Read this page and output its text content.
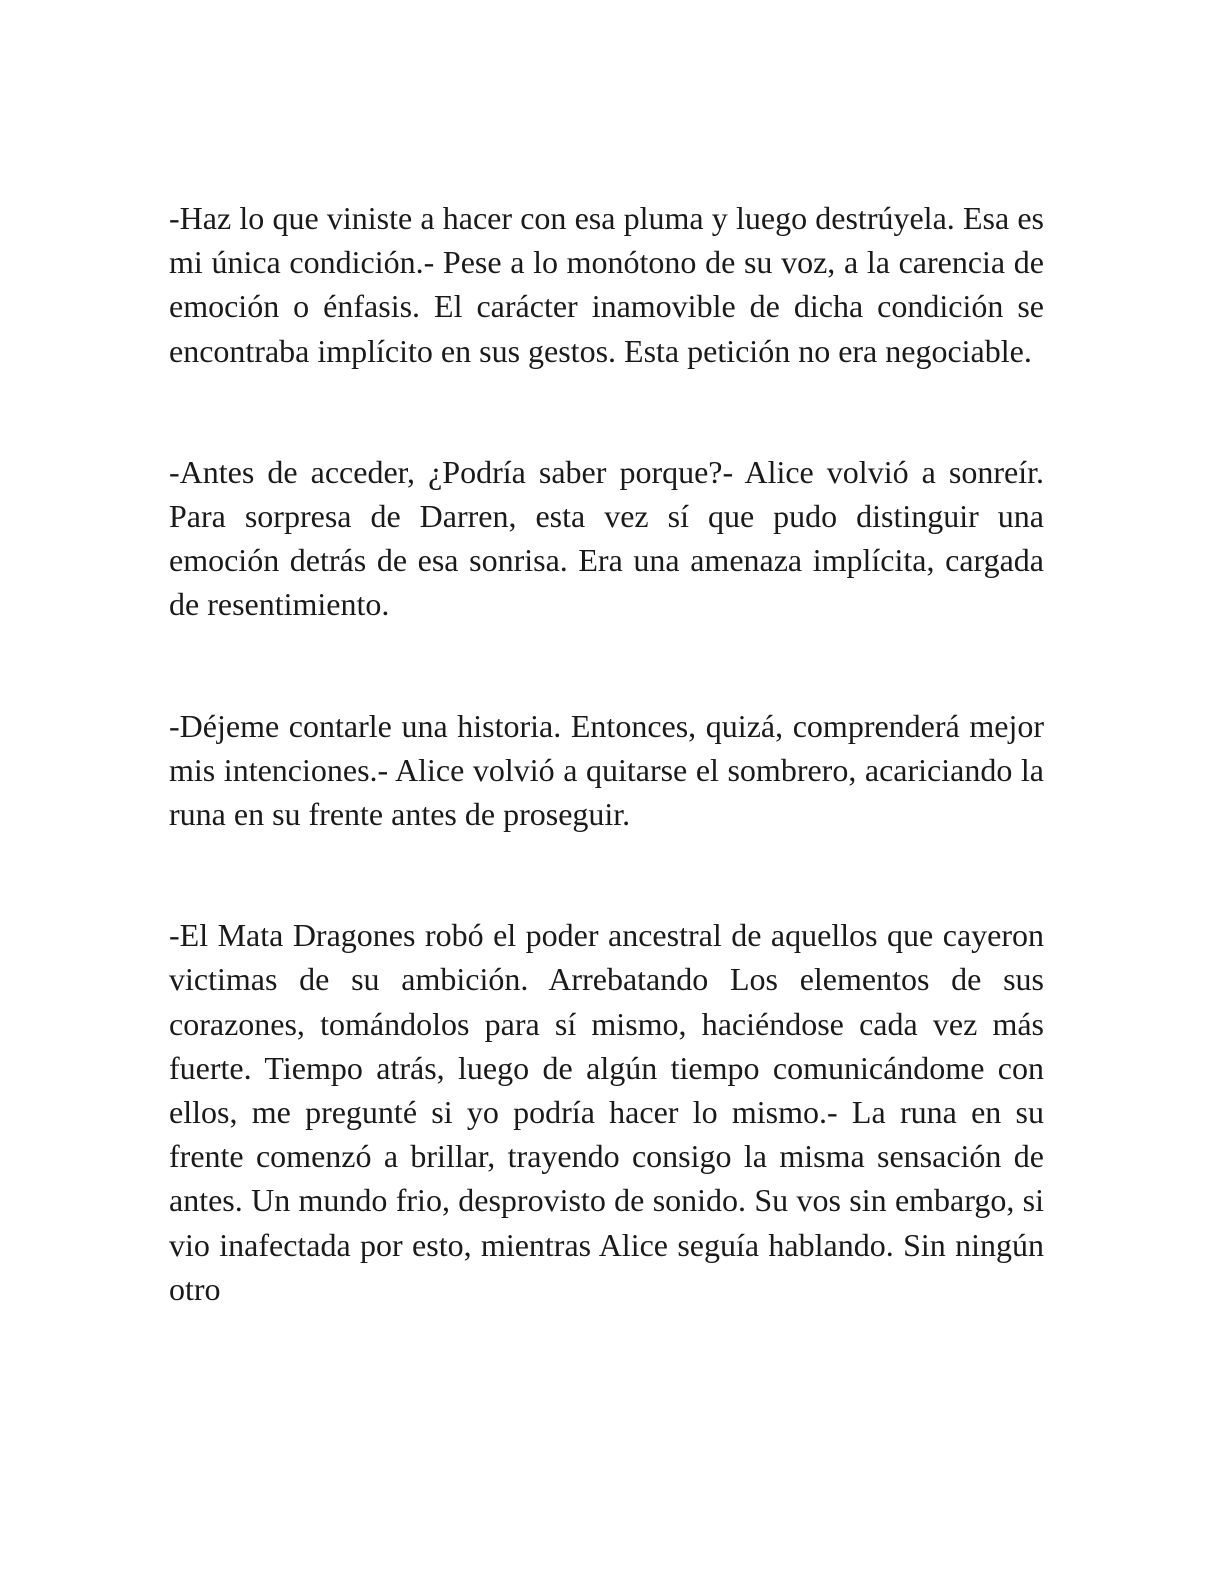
-Haz lo que viniste a hacer con esa pluma y luego destrúyela. Esa es mi única condición.- Pese a lo monótono de su voz, a la carencia de emoción o énfasis. El carácter inamovible de dicha condición se encontraba implícito en sus gestos. Esta petición no era negociable.

-Antes de acceder, ¿Podría saber porque?- Alice volvió a sonreír. Para sorpresa de Darren, esta vez sí que pudo distinguir una emoción detrás de esa sonrisa. Era una amenaza implícita, cargada de resentimiento.

-Déjeme contarle una historia. Entonces, quizá, comprenderá mejor mis intenciones.- Alice volvió a quitarse el sombrero, acariciando la runa en su frente antes de proseguir.

-El Mata Dragones robó el poder ancestral de aquellos que cayeron victimas de su ambición. Arrebatando Los elementos de sus corazones, tomándolos para sí mismo, haciéndose cada vez más fuerte. Tiempo atrás, luego de algún tiempo comunicándome con ellos, me pregunté si yo podría hacer lo mismo.- La runa en su frente comenzó a brillar, trayendo consigo la misma sensación de antes. Un mundo frio, desprovisto de sonido. Su vos sin embargo, si vio inafectada por esto, mientras Alice seguía hablando. Sin ningún otro
